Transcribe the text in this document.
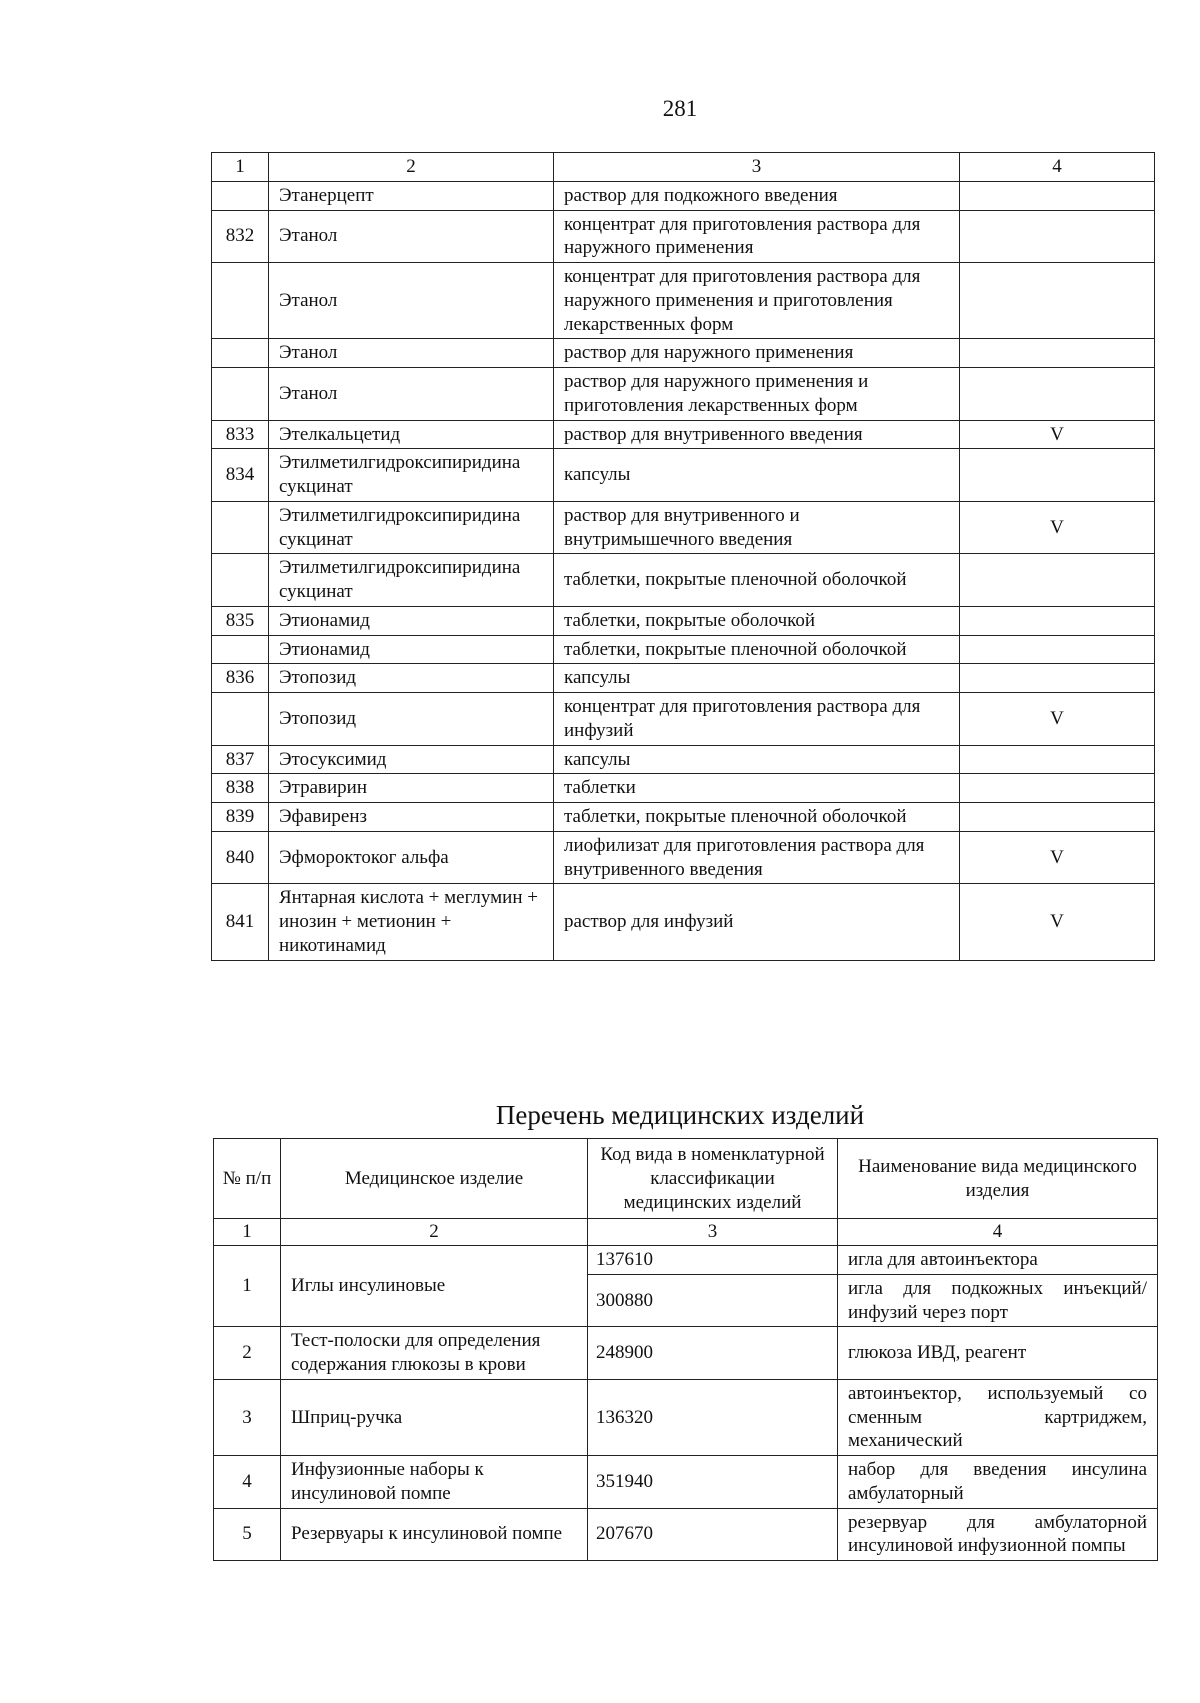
281
1	2	3	4
	Этанерцепт	раствор для подкожного введения	
832	Этанол	концентрат для приготовления раствора для наружного применения	
	Этанол	концентрат для приготовления раствора для наружного применения и приготовления лекарственных форм	
	Этанол	раствор для наружного применения	
	Этанол	раствор для наружного применения и приготовления лекарственных форм	
833	Этелкальцетид	раствор для внутривенного введения	V
834	Этилметилгидроксипиридина сукцинат	капсулы	
	Этилметилгидроксипиридина сукцинат	раствор для внутривенного и внутримышечного введения	V
	Этилметилгидроксипиридина сукцинат	таблетки, покрытые пленочной оболочкой	
835	Этионамид	таблетки, покрытые оболочкой	
	Этионамид	таблетки, покрытые пленочной оболочкой	
836	Этопозид	капсулы	
	Этопозид	концентрат для приготовления раствора для инфузий	V
837	Этосуксимид	капсулы	
838	Этравирин	таблетки	
839	Эфавиренз	таблетки, покрытые пленочной оболочкой	
840	Эфмороктоког альфа	лиофилизат для приготовления раствора для внутривенного введения	V
841	Янтарная кислота + меглумин + инозин + метионин + никотинамид	раствор для инфузий	V
Перечень медицинских изделий
№ п/п	Медицинское изделие	Код вида в номенклатурной классификации медицинских изделий	Наименование вида медицинского изделия
1	2	3	4
1	Иглы инсулиновые	137610	игла для автоинъектора
		300880	игла для подкожных инъекций/инфузий через порт
2	Тест-полоски для определения содержания глюкозы в крови	248900	глюкоза ИВД, реагент
3	Шприц-ручка	136320	автоинъектор, используемый со сменным картриджем, механический
4	Инфузионные наборы к инсулиновой помпе	351940	набор для введения инсулина амбулаторный
5	Резервуары к инсулиновой помпе	207670	резервуар для амбулаторной инсулиновой инфузионной помпы
